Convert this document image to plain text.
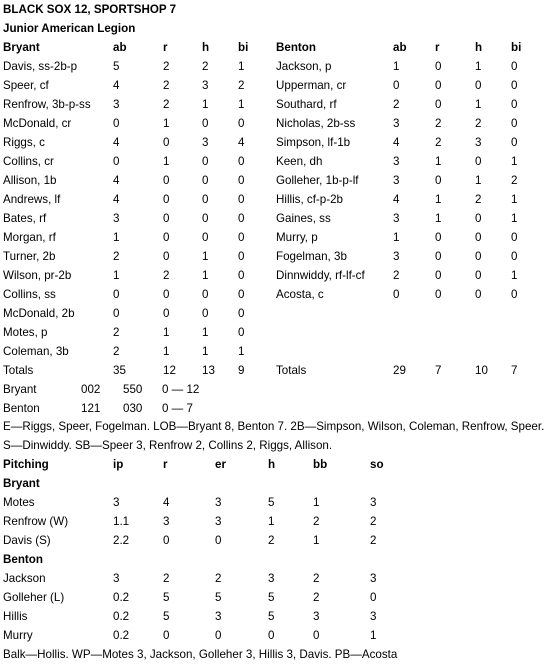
BLACK SOX 12, SPORTSHOP 7
Junior American Legion
Bryant	ab	r	h bi Benton	ab r	h bi
Davis, ss-2b-p	5	2	2	1	Jackson, p	1	0	1	0
Speer, cf	4	2	3	2	Upperman, cr	0	0	0	0
Renfrow, 3b-p-ss 3	2	1	1	Southard, rf	2	0	1	0
McDonald, cr	0	1	0	0	Nicholas, 2b-ss	3	2	2	0
Riggs, c	4	0	3	4	Simpson, lf-1b	4	2	3	0
Collins, cr	0	1	0	0	Keen, dh	3	1	0	1
Allison, 1b	4	0	0	0	Golleher, 1b-p-lf	3	0	1	2
Andrews, lf	4	0	0	0	Hillis, cf-p-2b	4	1	2	1
Bates, rf	3	0	0	0	Gaines, ss	3	1	0	1
Morgan, rf	1	0	0	0	Murry, p	1	0	0	0
Turner, 2b	2	0	1	0	Fogelman, 3b	3	0	0	0
Wilson, pr-2b	1	2	1	0	Dinnwiddy, rf-lf-cf 2	0	0	1
Collins, ss	0	0	0	0	Acosta, c	0	0	0	0
McDonald, 2b	0	0	0	0
Motes, p	2	1	1	0
Coleman, 3b	2	1	1	1
Totals	35	12 13 9	Totals	29	7	10 7
Bryant	002 550 0 — 12
Benton	121 030 0 — 7
E—Riggs, Speer, Fogelman. LOB—Bryant 8, Benton 7. 2B—Simpson, Wilson, Coleman, Renfrow, Speer. S—Dinwiddy. SB—Speer 3, Renfrow 2, Collins 2, Riggs, Allison.
Pitching	ip	r	er	h	bb	so
Bryant
Motes	3	4	3	5	1	3
Renfrow (W)	1.1	3	3	1	2	2
Davis (S)	2.2	0	0	2	1	2
Benton
Jackson	3	2	2	3	2	3
Golleher (L)	0.2	5	5	5	2	0
Hillis	0.2	5	3	5	3	3
Murry	0.2	0	0	0	0	1
Balk—Hollis. WP—Motes 3, Jackson, Golleher 3, Hillis 3, Davis. PB—Acosta
